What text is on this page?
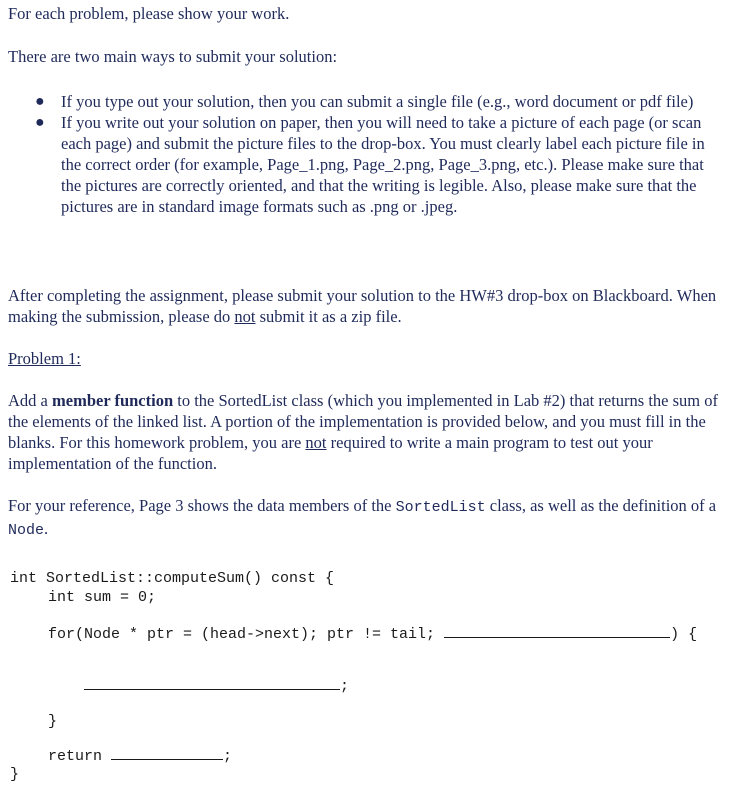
For each problem, please show your work.

There are two main ways to submit your solution:

● If you type out your solution, then you can submit a single file (e.g., word document or pdf file)
● If you write out your solution on paper, then you will need to take a picture of each page (or scan each page) and submit the picture files to the drop-box. You must clearly label each picture file in the correct order (for example, Page_1.png, Page_2.png, Page_3.png, etc.). Please make sure that the pictures are correctly oriented, and that the writing is legible. Also, please make sure that the pictures are in standard image formats such as .png or .jpeg.

After completing the assignment, please submit your solution to the HW#3 drop-box on Blackboard. When making the submission, please do not submit it as a zip file.

Problem 1:

Add a member function to the SortedList class (which you implemented in Lab #2) that returns the sum of the elements of the linked list. A portion of the implementation is provided below, and you must fill in the blanks. For this homework problem, you are not required to write a main program to test out your implementation of the function.

For your reference, Page 3 shows the data members of the SortedList class, as well as the definition of a Node.

int SortedList::computeSum() const {
int sum = 0;
for(Node * ptr = (head->next); ptr != tail;	) {
;
}
return	;
}
